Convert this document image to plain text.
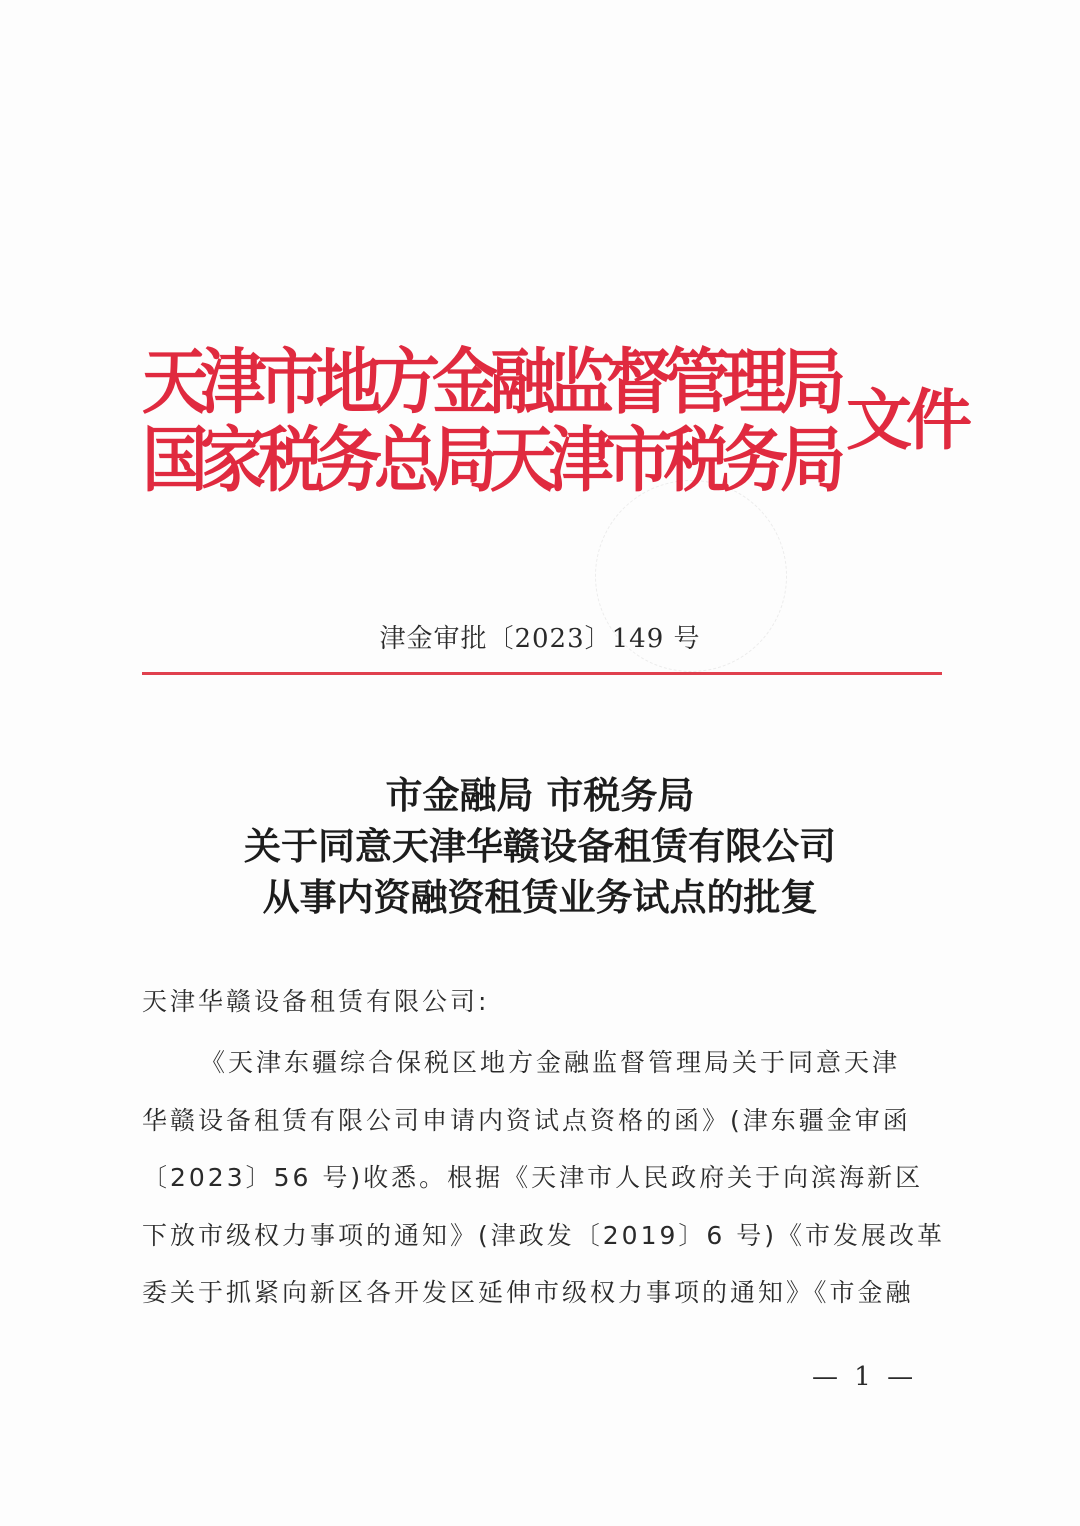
天津市地方金融监督管理局
国家税务总局天津市税务局 文件
津金审批〔2023〕149 号
市金融局 市税务局
关于同意天津华赣设备租赁有限公司
从事内资融资租赁业务试点的批复
天津华赣设备租赁有限公司:
《天津东疆综合保税区地方金融监督管理局关于同意天津
华赣设备租赁有限公司申请内资试点资格的函》(津东疆金审函
〔2023〕56 号)收悉。根据《天津市人民政府关于向滨海新区
下放市级权力事项的通知》(津政发〔2019〕6 号)《市发展改革
委关于抓紧向新区各开发区延伸市级权力事项的通知》《市金融
— 1 —
